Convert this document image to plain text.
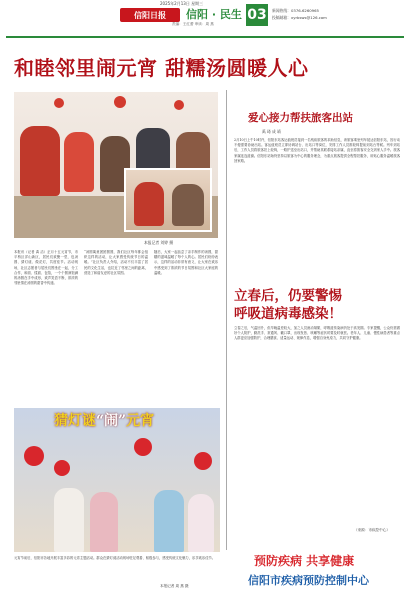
2025年2月13日 星期三
信阳日报	信阳 · 民生
责编：王红蕾 审读：周 燕
03	新闻热线：0376-6260965
投稿邮箱：xyrbsws@126.com
和睦邻里闹元宵 甜糯汤圆暖人心
本报记者 刘婷 摄
本报讯（记者 禹 洁）正月十五元宵节，市平桥区洋山新区，居民们欢聚一堂，包汤圆、猜灯谜、做花灯，共度佳节。活动现场，社区志愿者与居民们围坐在一起，分工合作，和面、揉面、包馅，一个个圆润饱满的汤圆在手中成形，欢声笑语不断，浓浓的邻里情在汤圆的甜香中传递。
“汤圆寓意团团圆圆，我们社区每年都会组织这样的活动，让大家感受传统节日的温暖。”社区负责人介绍，活动不仅丰富了居民的文化生活，也拉近了邻里之间的距离，营造了和谐友爱的社区氛围。
随后，大家一起品尝了亲手制作的汤圆，甜糯的滋味温暖了每个人的心。居民们纷纷表示，这样的活动非常有意义，让大家在欢乐中感受到了浓浓的节日氛围和社区大家庭的温暖。
爱心接力帮扶旅客出站
禹 琦 成 靖
2月10日上午10时许，信阳东站客运值班员接到一名残疾旅客的求助信息，该旅客乘坐列车抵达信阳东站，因行动不便需要协助出站。客运值班员立即协调站台、出站口等岗位，安排工作人员推轮椅提前到站台等候。列车到站后，工作人员将旅客扶上轮椅，一路护送至出站口，并帮助其联系接站亲属，直至将旅客安全交到家人手中。旅客家属连连道谢。信阳东站始终坚持以旅客为中心的服务理念，为重点旅客提供全程帮扶服务，用贴心服务温暖旅客回家路。
立春后，仍要警惕
呼吸道病毒感染！
立春之后，气温回升，但早晚温差较大，加之人员流动频繁，呼吸道传染病仍处于高发期。专家提醒，公众仍需做好个人防护，勤洗手、常通风、戴口罩，出现发热、咳嗽等症状时要及时就医。老年人、儿童、慢性病患者等重点人群更应加强防护，合理膳食、适量运动、规律作息，增强自身免疫力，共同守护健康。
（来源：市疾控中心）
猜灯谜“闹”元宵
元宵节前后，信阳市各地开展丰富多彩的元宵主题活动。群众在猜灯谜活动现场驻足观看、积极参与，感受传统文化魅力，乐享欢乐佳节。
本报记者 周 燕 摄
预防疾病 共享健康
信阳市疾病预防控制中心
